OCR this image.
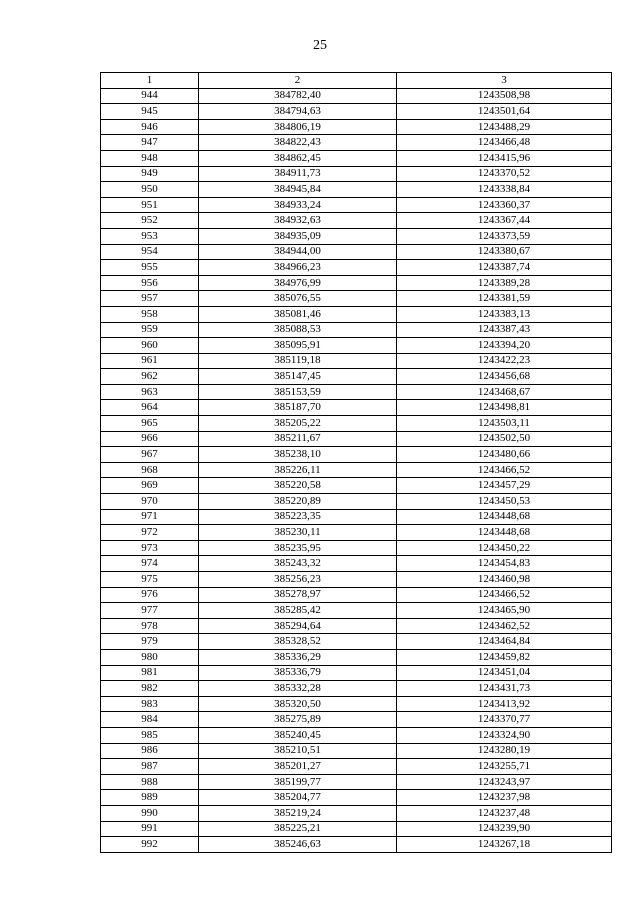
25
1	2	3
944	384782,40	1243508,98
945	384794,63	1243501,64
946	384806,19	1243488,29
947	384822,43	1243466,48
948	384862,45	1243415,96
949	384911,73	1243370,52
950	384945,84	1243338,84
951	384933,24	1243360,37
952	384932,63	1243367,44
953	384935,09	1243373,59
954	384944,00	1243380,67
955	384966,23	1243387,74
956	384976,99	1243389,28
957	385076,55	1243381,59
958	385081,46	1243383,13
959	385088,53	1243387,43
960	385095,91	1243394,20
961	385119,18	1243422,23
962	385147,45	1243456,68
963	385153,59	1243468,67
964	385187,70	1243498,81
965	385205,22	1243503,11
966	385211,67	1243502,50
967	385238,10	1243480,66
968	385226,11	1243466,52
969	385220,58	1243457,29
970	385220,89	1243450,53
971	385223,35	1243448,68
972	385230,11	1243448,68
973	385235,95	1243450,22
974	385243,32	1243454,83
975	385256,23	1243460,98
976	385278,97	1243466,52
977	385285,42	1243465,90
978	385294,64	1243462,52
979	385328,52	1243464,84
980	385336,29	1243459,82
981	385336,79	1243451,04
982	385332,28	1243431,73
983	385320,50	1243413,92
984	385275,89	1243370,77
985	385240,45	1243324,90
986	385210,51	1243280,19
987	385201,27	1243255,71
988	385199,77	1243243,97
989	385204,77	1243237,98
990	385219,24	1243237,48
991	385225,21	1243239,90
992	385246,63	1243267,18
